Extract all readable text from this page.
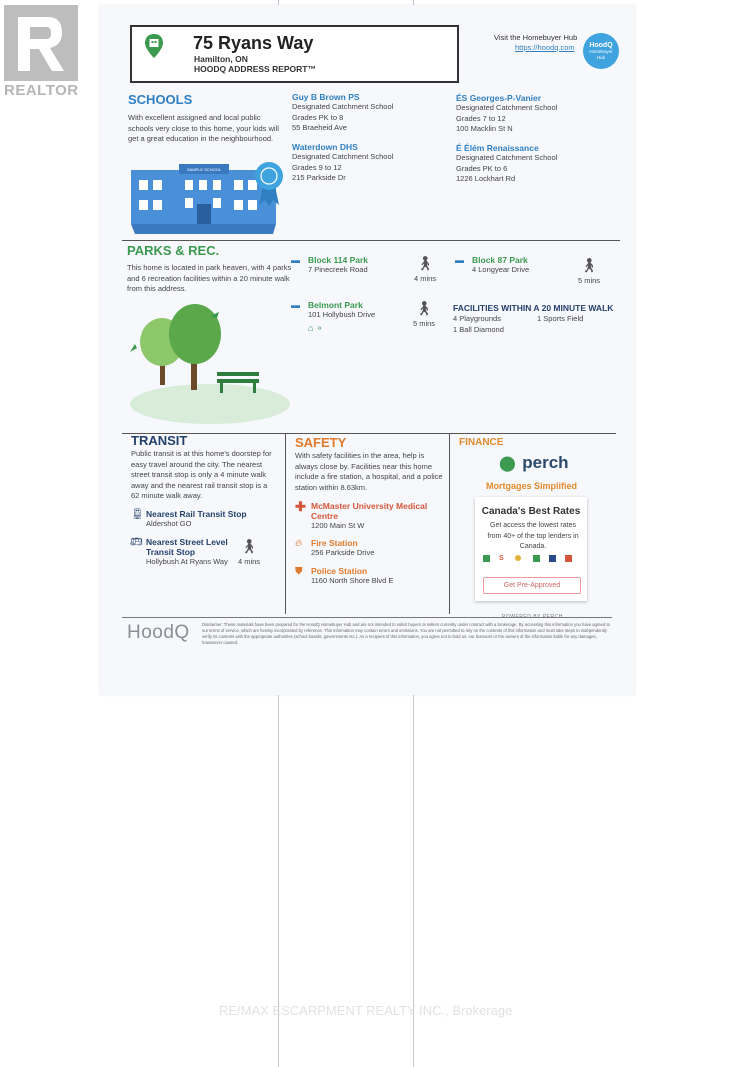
REALTOR
75 Ryans Way
Hamilton, ON
HOODQ ADDRESS REPORT™
Visit the Homebuyer Hub
https://hoodq.com	HoodQ
Homebuyer Hub
SCHOOLS
With excellent assigned and local public schools very close to this home, your kids will get a great education in the neighbourhood.
SAMPLE SCHOOL
Guy B Brown PS
Designated Catchment School
Grades PK to 8
55 Braeheid Ave
Waterdown DHS
Designated Catchment School
Grades 9 to 12
215 Parkside Dr
ÉS Georges-P-Vanier
Designated Catchment School
Grades 7 to 12
100 Macklin St N
É Élém Renaissance
Designated Catchment School
Grades PK to 6
1226 Lockhart Rd
PARKS & REC.
This home is located in park heaven, with 4 parks and 6 recreation facilities within a 20 minute walk from this address.
▬ Block 114 Park
7 Pinecreek Road	🚶︎
4 mins
▬ Block 87 Park
4 Longyear Drive	🚶︎
5 mins
▬ Belmont Park
101 Hollybush Drive
⌂ ⚬
🚶︎
5 mins
FACILITIES WITHIN A 20 MINUTE WALK
4 Playgrounds	1 Sports Field
1 Ball Diamond
TRANSIT
Public transit is at this home's doorstep for easy travel around the city. The nearest street transit stop is only a 4 minute walk away and the nearest rail transit stop is a 62 minute walk away.
🚆︎ Nearest Rail Transit Stop
Aldershot GO
🚌︎ Nearest Street Level
Transit Stop
Hollybush At Ryans Way
🚶︎
4 mins
SAFETY
With safety facilities in the area, help is always close by. Facilities near this home include a fire station, a hospital, and a police station within 8.63km.
✚ McMaster University Medical
Centre
1200 Main St W
🔥︎ Fire Station
256 Parkside Drive
⛊ Police Station
1160 North Shore Blvd E
FINANCE
⬤ perch
Mortgages Simplified
Canada's Best Rates
Get access the lowest rates from 40+ of the top lenders in Canada.
S
Get Pre-Approved
HoodQ	Disclaimer: These materials have been prepared for the HoodQ Homebuyer Hub and are not intended to solicit buyers or sellers currently under contract with a brokerage. By accessing this information you have agreed to our terms of service, which are hereby incorporated by reference. This information may contain errors and omissions. You are not permitted to rely on the contents of this information and must take steps to independently verify its contents with the appropriate authorities (school boards, governments etc.). As a recipient of this information, you agree not to hold us, our licensors or the owners of the information liable for any damages, howsoever caused.
RE/MAX ESCARPMENT REALTY INC., Brokerage
